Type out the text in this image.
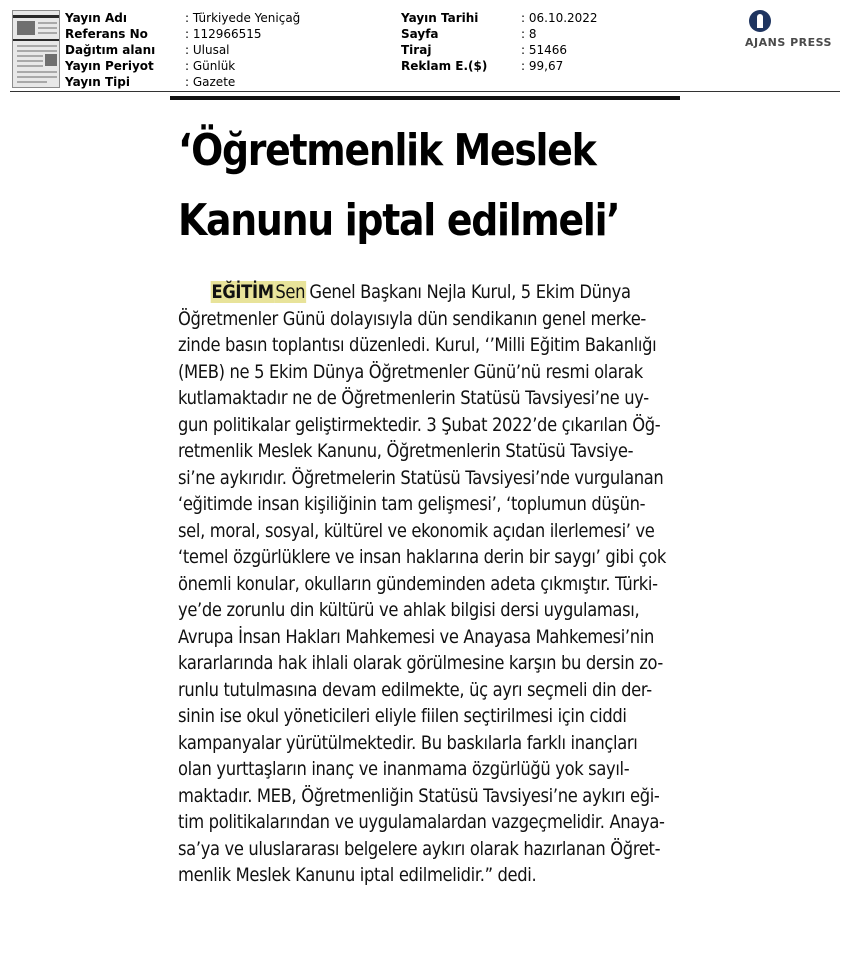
Yayın Adı	: Türkiyede Yeniçağ
Referans No	: 112966515
Dağıtım alanı	: Ulusal
Yayın Periyot	: Günlük
Yayın Tipi	: Gazete
Yayın Tarihi	: 06.10.2022
Sayfa	: 8
Tiraj	: 51466
Reklam E.($)	: 99,67
AJANS PRESS
‘Öğretmenlik Meslek
Kanunu iptal edilmeli’
EĞİTİMSen Genel Başkanı Nejla Kurul, 5 Ekim Dünya
Öğretmenler Günü dolayısıyla dün sendikanın genel merke-
zinde basın toplantısı düzenledi. Kurul, ‘’Milli Eğitim Bakanlığı
(MEB) ne 5 Ekim Dünya Öğretmenler Günü’nü resmi olarak
kutlamaktadır ne de Öğretmenlerin Statüsü Tavsiyesi’ne uy-
gun politikalar geliştirmektedir. 3 Şubat 2022’de çıkarılan Öğ-
retmenlik Meslek Kanunu, Öğretmenlerin Statüsü Tavsiye-
si’ne aykırıdır. Öğretmelerin Statüsü Tavsiyesi’nde vurgulanan
‘eğitimde insan kişiliğinin tam gelişmesi’, ‘toplumun düşün-
sel, moral, sosyal, kültürel ve ekonomik açıdan ilerlemesi’ ve
‘temel özgürlüklere ve insan haklarına derin bir saygı’ gibi çok
önemli konular, okulların gündeminden adeta çıkmıştır. Türki-
ye’de zorunlu din kültürü ve ahlak bilgisi dersi uygulaması,
Avrupa İnsan Hakları Mahkemesi ve Anayasa Mahkemesi’nin
kararlarında hak ihlali olarak görülmesine karşın bu dersin zo-
runlu tutulmasına devam edilmekte, üç ayrı seçmeli din der-
sinin ise okul yöneticileri eliyle fiilen seçtirilmesi için ciddi
kampanyalar yürütülmektedir. Bu baskılarla farklı inançları
olan yurttaşların inanç ve inanmama özgürlüğü yok sayıl-
maktadır. MEB, Öğretmenliğin Statüsü Tavsiyesi’ne aykırı eği-
tim politikalarından ve uygulamalardan vazgeçmelidir. Anaya-
sa’ya ve uluslararası belgelere aykırı olarak hazırlanan Öğret-
menlik Meslek Kanunu iptal edilmelidir.” dedi.
